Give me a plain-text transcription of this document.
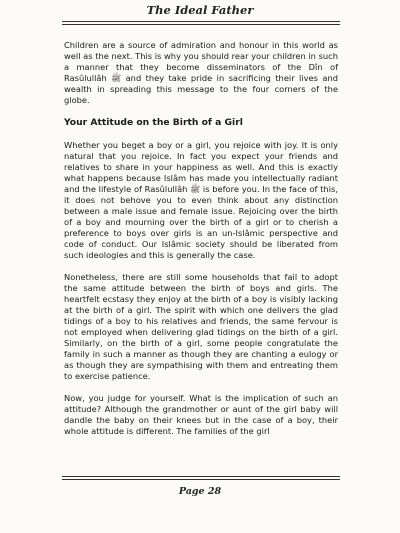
The Ideal Father

Children are a source of admiration and honour in this world as well as the next. This is why you should rear your children in such a manner that they become disseminators of the Dîn of Rasûlullâh ﷺ and they take pride in sacrificing their lives and wealth in spreading this message to the four corners of the globe.

Your Attitude on the Birth of a Girl

Whether you beget a boy or a girl, you rejoice with joy. It is only natural that you rejoice. In fact you expect your friends and relatives to share in your happiness as well. And this is exactly what happens because Islâm has made you intellectually radiant and the lifestyle of Rasûlullâh ﷺ is before you. In the face of this, it does not behove you to even think about any distinction between a male issue and female issue. Rejoicing over the birth of a boy and mourning over the birth of a girl or to cherish a preference to boys over girls is an un-Islâmic perspective and code of conduct. Our Islâmic society should be liberated from such ideologies and this is generally the case.

Nonetheless, there are still some households that fail to adopt the same attitude between the birth of boys and girls. The heartfelt ecstasy they enjoy at the birth of a boy is visibly lacking at the birth of a girl. The spirit with which one delivers the glad tidings of a boy to his relatives and friends, the same fervour is not employed when delivering glad tidings on the birth of a girl. Similarly, on the birth of a girl, some people congratulate the family in such a manner as though they are chanting a eulogy or as though they are sympathising with them and entreating them to exercise patience.

Now, you judge for yourself. What is the implication of such an attitude? Although the grandmother or aunt of the girl baby will dandle the baby on their knees but in the case of a boy, their whole attitude is different. The families of the girl

Page 28
